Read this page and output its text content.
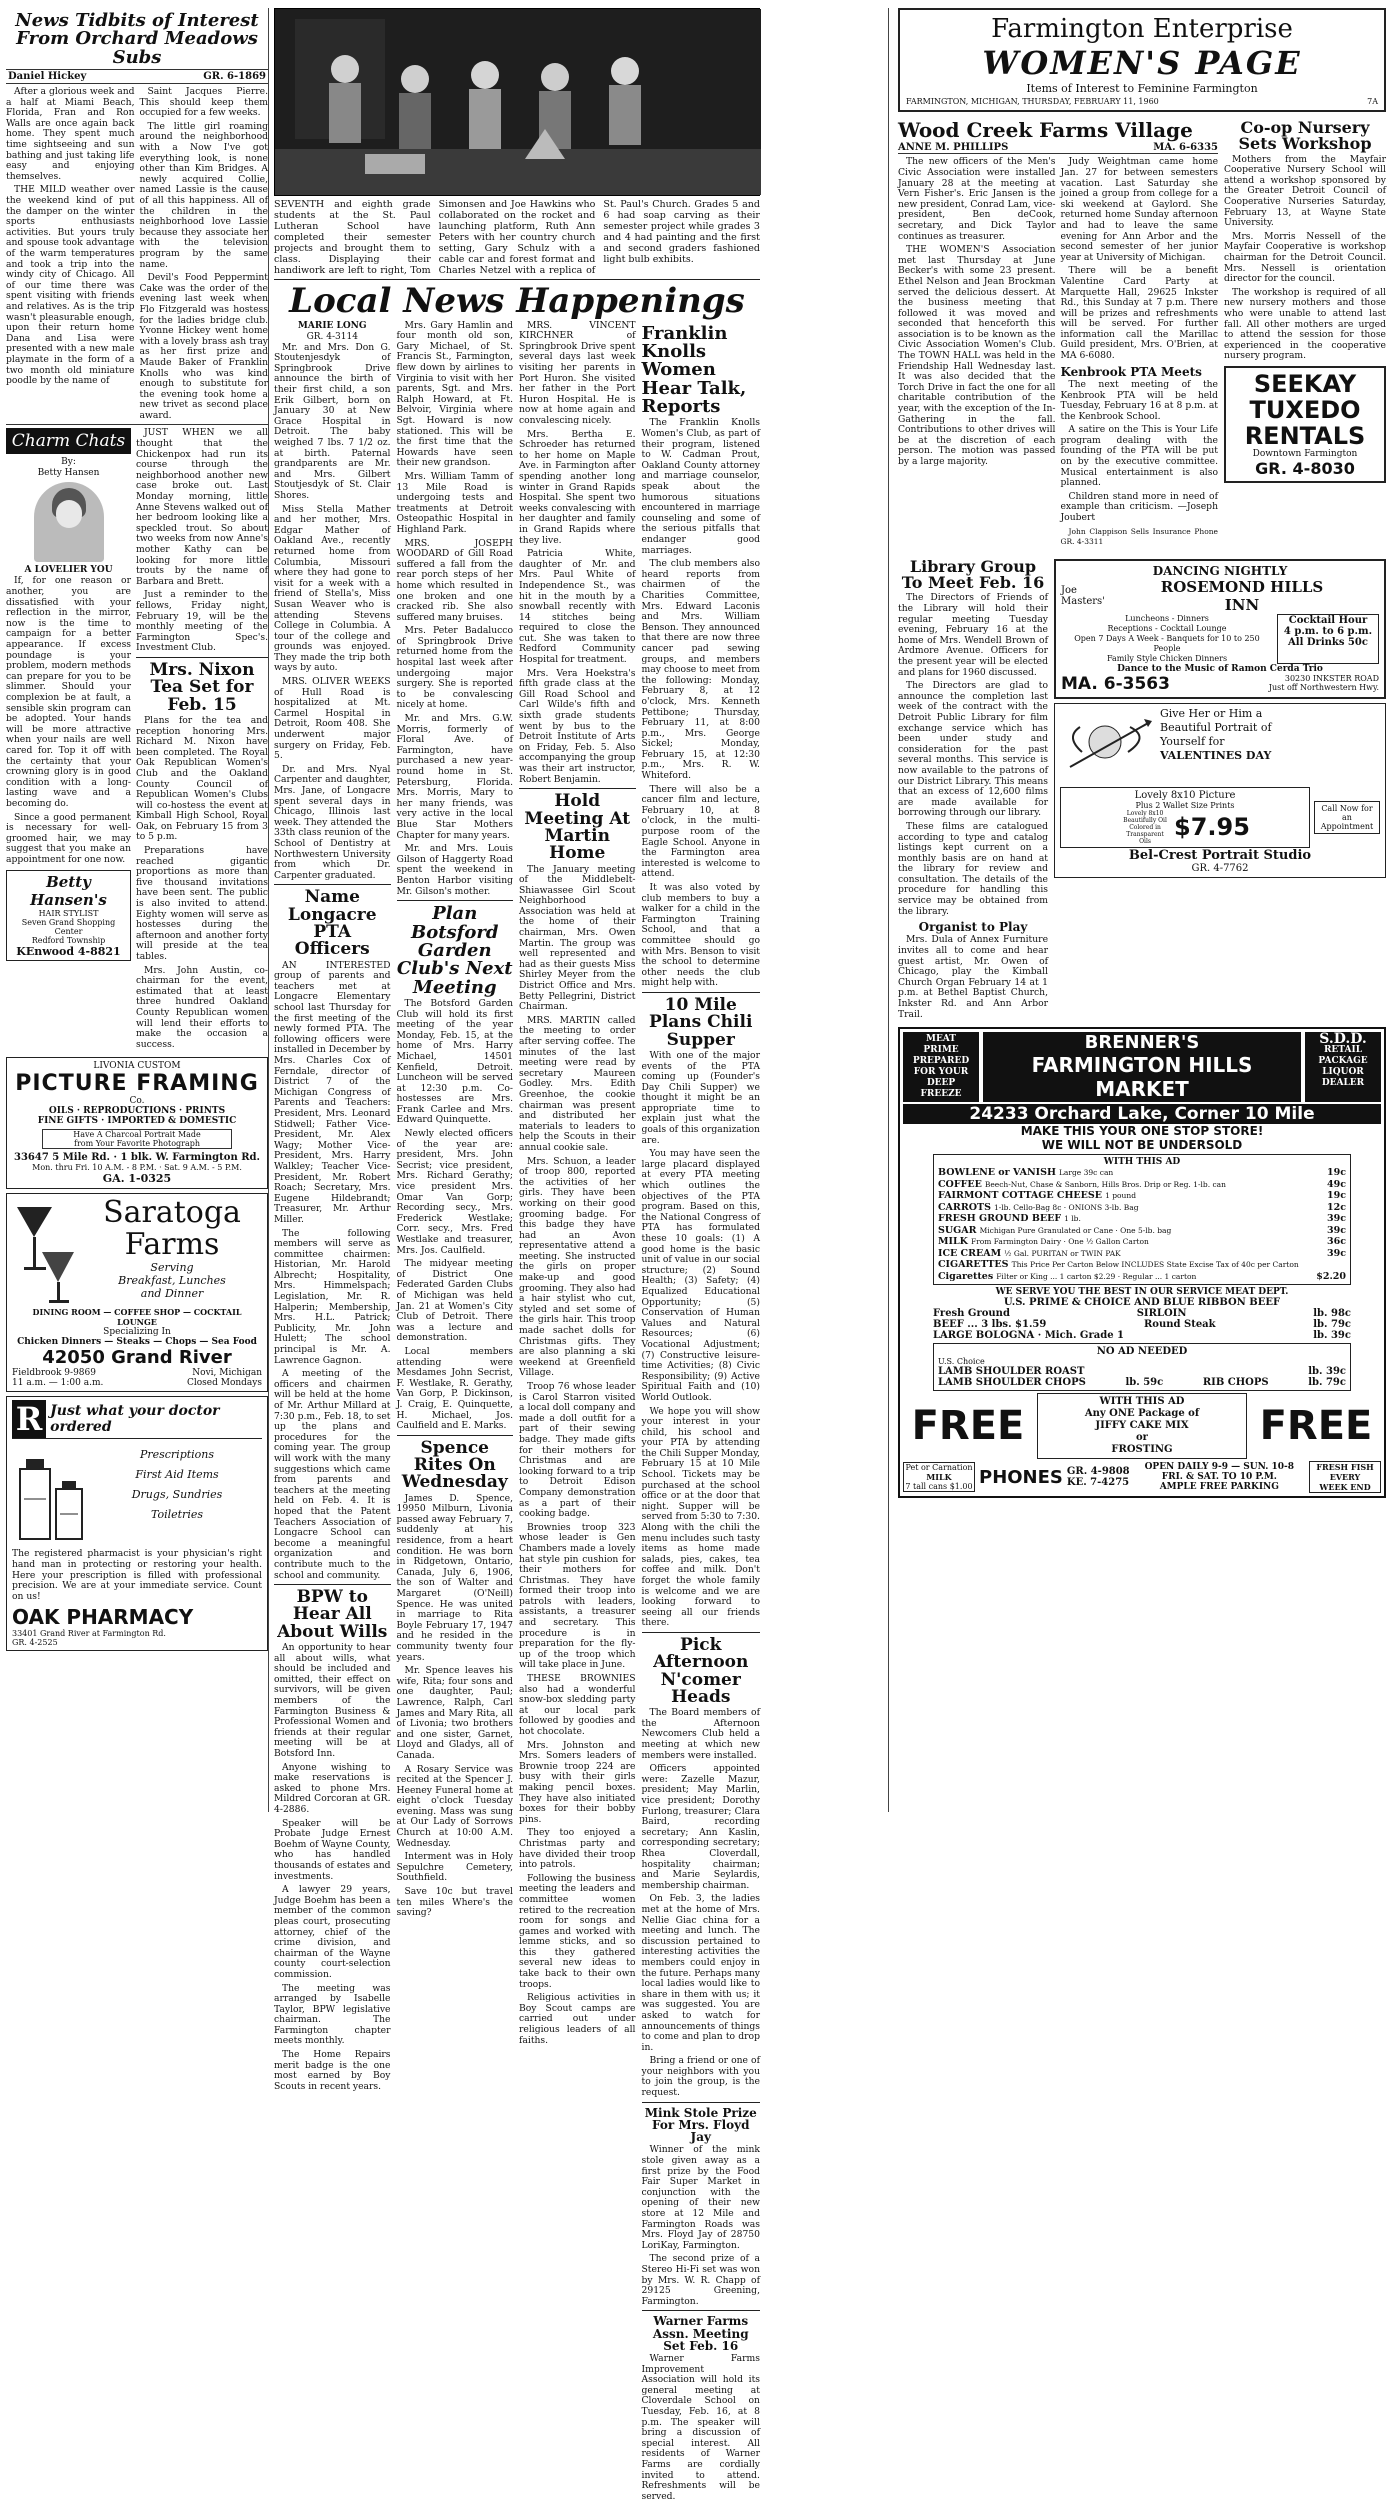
News Tidbits of Interest
From Orchard Meadows Subs
Daniel Hickey	GR. 6-1869

After a glorious week and a half at Miami Beach, Florida, Fran and Ron Walls are once again back home. They spent much time sightseeing and sun bathing and just taking life easy and enjoying themselves.

THE MILD weather over the weekend kind of put the damper on the winter sports enthusiasts activities. But yours truly and spouse took advantage of the warm temperatures and took a trip into the windy city of Chicago. All of our time there was spent visiting with friends and relatives. As is the trip wasn't pleasurable enough, upon their return home Dana and Lisa were presented with a new male playmate in the form of a two month old miniature poodle by the name of

Saint Jacques Pierre. This should keep them occupied for a few weeks.

The little girl roaming around the neighborhood with a Now I've got everything look, is none other than Kim Bridges. A newly acquired Collie, named Lassie is the cause of all this happiness. All of the children in the neighborhood love Lassie because they associate her with the television program by the same name.

Devil's Food Peppermint Cake was the order of the evening last week when Flo Fitzgerald was hostess for the ladies bridge club. Yvonne Hickey went home with a lovely brass ash tray as her first prize and Maude Baker of Franklin Knolls who was kind enough to substitute for the evening took home a new trivet as second place award.

Charm Chats
By:
Betty Hansen
A LOVELIER YOU

If, for one reason or another, you are dissatisfied with your reflection in the mirror, now is the time to campaign for a better appearance. If excess poundage is your problem, modern methods can prepare for you to be slimmer. Should your complexion be at fault, a sensible skin program can be adopted. Your hands will be more attractive when your nails are well cared for. Top it off with the certainty that your crowning glory is in good condition with a long-lasting wave and a becoming do.

Since a good permanent is necessary for well-groomed hair, we may suggest that you make an appointment for one now.

Betty Hansen's
HAIR STYLIST
Seven Grand Shopping Center
Redford Township
KEnwood 4-8821

JUST WHEN we all thought that the Chickenpox had run its course through the neighborhood another new case broke out. Last Monday morning, little Anne Stevens walked out of her bedroom looking like a speckled trout. So about two weeks from now Anne's mother Kathy can be looking for more little trouts by the name of Barbara and Brett.

Just a reminder to the fellows, Friday night, February 19, will be the monthly meeting of the Farmington Spec's. Investment Club.

Mrs. Nixon Tea Set for Feb. 15

Plans for the tea and reception honoring Mrs. Richard M. Nixon have been completed. The Royal Oak Republican Women's Club and the Oakland County Council of Republican Women's Clubs will co-hostess the event at Kimball High School, Royal Oak, on February 15 from 3 to 5 p.m.

Preparations have reached gigantic proportions as more than five thousand invitations have been sent. The public is also invited to attend. Eighty women will serve as hostesses during the afternoon and another forty will preside at the tea tables.

Mrs. John Austin, co-chairman for the event, estimated that at least three hundred Oakland County Republican women will lend their efforts to make the occasion a success.

LIVONIA CUSTOM
PICTURE FRAMING
Co.
OILS · REPRODUCTIONS · PRINTS
FINE GIFTS · IMPORTED & DOMESTIC
Have A Charcoal Portrait Made
from Your Favorite Photograph
33647 5 Mile Rd. · 1 blk. W. Farmington Rd.
Mon. thru Fri. 10 A.M. - 8 P.M. · Sat. 9 A.M. - 5 P.M.
GA. 1-0325
Saratoga
Farms
Serving
Breakfast, Lunches
and Dinner
DINING ROOM — COFFEE SHOP — COCKTAIL LOUNGE
Specializing In
Chicken Dinners — Steaks — Chops — Sea Food
42050 Grand River
Fieldbrook 9-9869	Novi, Michigan
11 a.m. — 1:00 a.m.	Closed Mondays
R Just what your doctor ordered
Prescriptions
First Aid Items
Drugs, Sundries
Toiletries

The registered pharmacist is your physician's right hand man in protecting or restoring your health. Here your prescription is filled with professional precision. We are at your immediate service. Count on us!

OAK PHARMACY
33401 Grand River at Farmington Rd.
GR. 4-2525

SEVENTH and eighth grade students at the St. Paul Lutheran School have completed their semester projects and brought them to class. Displaying their handiwork are left to right, Tom Simonsen and Joe Hawkins who collaborated on the rocket and launching platform, Ruth Ann Peters with her country church setting, Gary Schulz with a cable car and forest format and Charles Netzel with a replica of St. Paul's Church. Grades 5 and 6 had soap carving as their semester project while grades 3 and 4 had painting and the first and second graders fashioned light bulb exhibits.

Local News Happenings
MARIE LONG
GR. 4-3114

Mr. and Mrs. Don G. Stoutenjesdyk of Springbrook Drive announce the birth of their first child, a son Erik Gilbert, born on January 30 at New Grace Hospital in Detroit. The baby weighed 7 lbs. 7 1/2 oz. at birth. Paternal grandparents are Mr. and Mrs. Gilbert Stoutjesdyk of St. Clair Shores.

Miss Stella Mather and her mother, Mrs. Edgar Mather of Oakland Ave., recently returned home from Columbia, Missouri where they had gone to visit for a week with a friend of Stella's, Miss Susan Weaver who is attending Stevens College in Columbia. A tour of the college and grounds was enjoyed. They made the trip both ways by auto.

MRS. OLIVER WEEKS of Hull Road is hospitalized at Mt. Carmel Hospital in Detroit, Room 408. She underwent major surgery on Friday, Feb. 5.

Dr. and Mrs. Nyal Carpenter and daughter, Mrs. Jane, of Longacre spent several days in Chicago, Illinois last week. They attended the 33th class reunion of the School of Dentistry at Northwestern University from which Dr. Carpenter graduated.

Name Longacre PTA Officers

AN INTERESTED group of parents and teachers met at Longacre Elementary school last Thursday for the first meeting of the newly formed PTA. The following officers were installed in December by Mrs. Charles Cox of Ferndale, director of District 7 of the Michigan Congress of Parents and Teachers: President, Mrs. Leonard Stidwell; Father Vice-President, Mr. Alex Wagy; Mother Vice-President, Mrs. Harry Walkley; Teacher Vice-President, Mr. Robert Roach; Secretary, Mrs. Eugene Hildebrandt; Treasurer, Mr. Arthur Miller.

The following members will serve as committee chairmen: Historian, Mr. Harold Albrecht; Hospitality, Mrs. Himmelspach; Legislation, Mr. R. Halperin; Membership, Mrs. H.L. Patrick; Publicity, Mr. John Hulett; The school principal is Mr. A. Lawrence Gagnon.

A meeting of the officers and chairmen will be held at the home of Mr. Arthur Millard at 7:30 p.m., Feb. 18, to set up the plans and procedures for the coming year. The group will work with the many suggestions which came from parents and teachers at the meeting held on Feb. 4. It is hoped that the Patent Teachers Association of Longacre School can become a meaningful organization and contribute much to the school and community.

BPW to Hear All About Wills

An opportunity to hear all about wills, what should be included and omitted, their effect on survivors, will be given members of the Farmington Business & Professional Women and friends at their regular meeting will be at Botsford Inn.

Anyone wishing to make reservations is asked to phone Mrs. Mildred Corcoran at GR. 4-2886.

Speaker will be Probate Judge Ernest Boehm of Wayne County, who has handled thousands of estates and investments.

A lawyer 29 years, Judge Boehm has been a member of the common pleas court, prosecuting attorney, chief of the crime division, and chairman of the Wayne county court-selection commission.

The meeting was arranged by Isabelle Taylor, BPW legislative chairman. The Farmington chapter meets monthly.

The Home Repairs merit badge is the one most earned by Boy Scouts in recent years.

Mrs. Gary Hamlin and four month old son, Gary Michael, of St. Francis St., Farmington, flew down by airlines to Virginia to visit with her parents, Sgt. and Mrs. Ralph Howard, at Ft. Belvoir, Virginia where Sgt. Howard is now stationed. This will be the first time that the Howards have seen their new grandson.

Mrs. William Tamm of 13 Mile Road is undergoing tests and treatments at Detroit Osteopathic Hospital in Highland Park.

MRS. JOSEPH WOODARD of Gill Road suffered a fall from the rear porch steps of her home which resulted in one broken and one cracked rib. She also suffered many bruises.

Mrs. Peter Badalucco of Springbrook Drive returned home from the hospital last week after undergoing major surgery. She is reported to be convalescing nicely at home.

Mr. and Mrs. G.W. Morris, formerly of Floral Ave. of Farmington, have purchased a new year-round home in St. Petersburg, Florida. Mrs. Morris, Mary to her many friends, was very active in the local Blue Star Mothers Chapter for many years.

Mr. and Mrs. Louis Gilson of Haggerty Road spent the weekend in Benton Harbor visiting Mr. Gilson's mother.

Plan Botsford Garden Club's Next Meeting

The Botsford Garden Club will hold its first meeting of the year Monday, Feb. 15, at the home of Mrs. Harry Michael, 14501 Kenfield, Detroit. Luncheon will be served at 12:30 p.m. Co-hostesses are Mrs. Frank Carlee and Mrs. Edward Quinquette.

Newly elected officers of the year are: president, Mrs. John Secrist; vice president, Mrs. Richard Gerathy; vice president Mrs. Omar Van Gorp; Recording secy., Mrs. Frederick Westlake; Corr. secy., Mrs. Fred Westlake and treasurer, Mrs. Jos. Caulfield.

The midyear meeting of District One Federated Garden Clubs of Michigan was held Jan. 21 at Women's City Club of Detroit. There was a lecture and demonstration.

Local members attending were Mesdames John Secrist, F. Westlake, R. Gerathy, Van Gorp, P. Dickinson, J. Craig, E. Quinquette, H. Michael, Jos. Caulfield and E. Marks.

Spence Rites On Wednesday

James D. Spence, 19950 Milburn, Livonia passed away February 7, suddenly at his residence, from a heart condition. He was born in Ridgetown, Ontario, Canada, July 6, 1906, the son of Walter and Margaret (O'Neill) Spence. He was united in marriage to Rita Boyle February 17, 1947 and he resided in the community twenty four years.

Mr. Spence leaves his wife, Rita; four sons and one daughter, Paul; Lawrence, Ralph, Carl James and Mary Rita, all of Livonia; two brothers and one sister, Garnet, Lloyd and Gladys, all of Canada.

A Rosary Service was recited at the Spencer J. Heeney Funeral home at eight o'clock Tuesday evening. Mass was sung at Our Lady of Sorrows Church at 10:00 A.M. Wednesday.

Interment was in Holy Sepulchre Cemetery, Southfield.

Save 10c but travel ten miles Where's the saving?

MRS. VINCENT KIRCHNER of Springbrook Drive spent several days last week visiting her parents in Port Huron. She visited her father in the Port Huron Hospital. He is now at home again and convalescing nicely.

Mrs. Bertha E. Schroeder has returned to her home on Maple Ave. in Farmington after spending another long winter in Grand Rapids Hospital. She spent two weeks convalescing with her daughter and family in Grand Rapids where they live.

Patricia White, daughter of Mr. and Mrs. Paul White of Independence St., was hit in the mouth by a snowball recently with 14 stitches being required to close the cut. She was taken to Redford Community Hospital for treatment.

Mrs. Vera Hoekstra's fifth grade class at the Gill Road School and Carl Wilde's fifth and sixth grade students went by bus to the Detroit Institute of Arts on Friday, Feb. 5. Also accompanying the group was their art instructor, Robert Benjamin.

Hold Meeting At Martin Home

The January meeting of the Middlebelt-Shiawassee Girl Scout Neighborhood Association was held at the home of their chairman, Mrs. Owen Martin. The group was well represented and had as their guests Miss Shirley Meyer from the District Office and Mrs. Betty Pellegrini, District Chairman.

MRS. MARTIN called the meeting to order after serving coffee. The minutes of the last meeting were read by secretary Maureen Godley. Mrs. Edith Greenhoe, the cookie chairman was present and distributed her materials to leaders to help the Scouts in their annual cookie sale.

Mrs. Schuon, a leader of troop 800, reported the activities of her girls. They have been working on their good grooming badge. For this badge they have had an Avon representative attend a meeting. She instructed the girls on proper make-up and good grooming. They also had a hair stylist who cut, styled and set some of the girls hair. This troop made sachet dolls for Christmas gifts. They are also planning a ski weekend at Greenfield Village.

Troop 76 whose leader is Carol Starron visited a local doll company and made a doll outfit for a part of their sewing badge. They made gifts for their mothers for Christmas and are looking forward to a trip to Detroit Edison Company demonstration as a part of their cooking badge.

Brownies troop 323 whose leader is Gen Chambers made a lovely hat style pin cushion for their mothers for Christmas. They have formed their troop into patrols with leaders, assistants, a treasurer and secretary. This procedure is in preparation for the fly-up of the troop which will take place in June.

THESE BROWNIES also had a wonderful snow-box sledding party at our local park followed by goodies and hot chocolate.

Mrs. Johnston and Mrs. Somers leaders of Brownie troop 224 are busy with their girls making pencil boxes. They have also initiated boxes for their bobby pins.

They too enjoyed a Christmas party and have divided their troop into patrols.

Following the business meeting the leaders and committee women retired to the recreation room for songs and games and worked with lemme sticks, and so this they gathered several new ideas to take back to their own troops.

Religious activities in Boy Scout camps are carried out under religious leaders of all faiths.

Franklin Knolls Women Hear Talk, Reports

The Franklin Knolls Women's Club, as part of their program, listened to W. Cadman Prout, Oakland County attorney and marriage counselor, speak about the humorous situations encountered in marriage counseling and some of the serious pitfalls that endanger good marriages.

The club members also heard reports from chairmen of the Charities Committee, Mrs. Edward Laconis and Mrs. William Benson. They announced that there are now three cancer pad sewing groups, and members may choose to meet from the following: Monday, February 8, at 12 o'clock, Mrs. Kenneth Pettibone; Thursday, February 11, at 8:00 p.m., Mrs. George Sickel; Monday, February 15, at 12:30 p.m., Mrs. R. W. Whiteford.

There will also be a cancer film and lecture, February 10, at 8 o'clock, in the multi-purpose room of the Eagle School. Anyone in the Farmington area interested is welcome to attend.

It was also voted by club members to buy a walker for a child in the Farmington Training School, and that a committee should go with Mrs. Benson to visit the school to determine other needs the club might help with.

10 Mile Plans Chili Supper

With one of the major events of the PTA coming up (Founder's Day Chili Supper) we thought it might be an appropriate time to explain just what the goals of this organization are.

You may have seen the large placard displayed at every PTA meeting which outlines the objectives of the PTA program. Based on this, the National Congress of PTA has formulated these 10 goals: (1) A good home is the basic unit of value in our social structure; (2) Sound Health; (3) Safety; (4) Equalized Educational Opportunity; (5) Conservation of Human Values and Natural Resources; (6) Vocational Adjustment; (7) Constructive leisure-time Activities; (8) Civic Responsibility; (9) Active Spiritual Faith and (10) World Outlook.

We hope you will show your interest in your child, his school and your PTA by attending the Chili Supper Monday, February 15 at 10 Mile School. Tickets may be purchased at the school office or at the door that night. Supper will be served from 5:30 to 7:30. Along with the chili the menu includes such tasty items as home made salads, pies, cakes, tea coffee and milk. Don't forget the whole family is welcome and we are looking forward to seeing all our friends there.

Pick Afternoon N'comer Heads

The Board members of the Afternoon Newcomers Club held a meeting at which new members were installed.

Officers appointed were: Zazelle Mazur, president; May Marlin, vice president; Dorothy Furlong, treasurer; Clara Baird, recording secretary; Ann Kaslin, corresponding secretary; Rhea Cloverdall, hospitality chairman; and Marie Seylardis, membership chairman.

On Feb. 3, the ladies met at the home of Mrs. Nellie Giac china for a meeting and lunch. The discussion pertained to interesting activities the members could enjoy in the future. Perhaps many local ladies would like to share in them with us; it was suggested. You are asked to watch for announcements of things to come and plan to drop in.

Bring a friend or one of your neighbors with you to join the group, is the request.

Mink Stole Prize For Mrs. Floyd Jay

Winner of the mink stole given away as a first prize by the Food Fair Super Market in conjunction with the opening of their new store at 12 Mile and Farmington Roads was Mrs. Floyd Jay of 28750 LoriKay, Farmington.

The second prize of a Stereo Hi-Fi set was won by Mrs. W. R. Chapp of 29125 Greening, Farmington.

Warner Farms Assn. Meeting Set Feb. 16

Warner Farms Improvement Association will hold its general meeting at Cloverdale School on Tuesday, Feb. 16, at 8 p.m. The speaker will bring a discussion of special interest. All residents of Warner Farms are cordially invited to attend. Refreshments will be served.

Farmington Enterprise
WOMEN'S PAGE
Items of Interest to Feminine Farmington
FARMINGTON, MICHIGAN, THURSDAY, FEBRUARY 11, 1960	7A
Wood Creek Farms Village
ANNE M. PHILLIPS	MA. 6-6335

The new officers of the Men's Civic Association were installed January 28 at the meeting at Vern Fisher's. Eric Jansen is the new president, Conrad Lam, vice-president, Ben deCook, secretary, and Dick Taylor continues as treasurer.

THE WOMEN'S Association met last Thursday at June Becker's with some 23 present. Ethel Nelson and Jean Brockman served the delicious dessert. At the business meeting that followed it was moved and seconded that henceforth this association is to be known as the Civic Association Women's Club. The TOWN HALL was held in the Friendship Hall Wednesday last. It was also decided that the Torch Drive in fact the one for all charitable contribution of the year, with the exception of the In-Gathering in the fall. Contributions to other drives will be at the discretion of each person. The motion was passed by a large majority.

Judy Weightman came home Jan. 27 for between semesters vacation. Last Saturday she joined a group from college for a ski weekend at Gaylord. She returned home Sunday afternoon and had to leave the same evening for Ann Arbor and the second semester of her junior year at University of Michigan.

There will be a benefit Valentine Card Party at Marquette Hall, 29625 Inkster Rd., this Sunday at 7 p.m. There will be prizes and refreshments will be served. For further information call the Marillac Guild president, Mrs. O'Brien, at MA 6-6080.

Kenbrook PTA Meets

The next meeting of the Kenbrook PTA will be held Tuesday, February 16 at 8 p.m. at the Kenbrook School.

A satire on the This is Your Life program dealing with the founding of the PTA will be put on by the executive committee. Musical entertainment is also planned.

Children stand more in need of example than criticism. —Joseph Joubert

John Clappison Sells Insurance Phone GR. 4-3311

Co-op Nursery Sets Workshop

Mothers from the Mayfair Cooperative Nursery School will attend a workshop sponsored by the Greater Detroit Council of Cooperative Nurseries Saturday, February 13, at Wayne State University.

Mrs. Morris Nessell of the Mayfair Cooperative is workshop chairman for the Detroit Council. Mrs. Nessell is orientation director for the council.

The workshop is required of all new nursery mothers and those who were unable to attend last fall. All other mothers are urged to attend the session for those experienced in the cooperative nursery program.

SEEKAY
TUXEDO
RENTALS
Downtown Farmington
GR. 4-8030
Library Group To Meet Feb. 16

The Directors of Friends of the Library will hold their regular meeting Tuesday evening, February 16 at the home of Mrs. Wendell Brown of Ardmore Avenue. Officers for the present year will be elected and plans for 1960 discussed.

The Directors are glad to announce the completion last week of the contract with the Detroit Public Library for film exchange service which has been under study and consideration for the past several months. This service is now available to the patrons of our District Library. This means that an excess of 12,600 films are made available for borrowing through our library.

These films are catalogued according to type and catalog listings kept current on a monthly basis are on hand at the library for review and consultation. The details of the procedure for handling this service may be obtained from the library.

Organist to Play

Mrs. Dula of Annex Furniture invites all to come and hear guest artist, Mr. Owen of Chicago, play the Kimball Church Organ February 14 at 1 p.m. at Bethel Baptist Church, Inkster Rd. and Ann Arbor Trail.

DANCING NIGHTLY
Joe Masters'
ROSEMOND HILLS
INN
Luncheons - Dinners
Receptions - Cocktail Lounge
Open 7 Days A Week - Banquets for 10 to 250 People
Family Style Chicken Dinners
Cocktail Hour
4 p.m. to 6 p.m.
All Drinks 50c
Dance to the Music of Ramon Cerda Trio
MA. 6-3563	30230 INKSTER ROAD
Just off Northwestern Hwy.
Give Her or Him a
Beautiful Portrait of
Yourself for
VALENTINES DAY
Lovely 8x10 Picture
Plus 2 Wallet Size Prints
Lovely 8x10 Beautifully Oil Colored in Transparent Oils $7.95
Call Now for an Appointment
Bel-Crest Portrait Studio
GR. 4-7762
MEAT
PRIME
PREPARED
FOR YOUR
DEEP
FREEZE
BRENNER'S
FARMINGTON HILLS
MARKET
S.D.D.
RETAIL
PACKAGE
LIQUOR
DEALER
24233 Orchard Lake, Corner 10 Mile
MAKE THIS YOUR ONE STOP STORE!
WE WILL NOT BE UNDERSOLD
WITH THIS AD
BOWLENE or VANISH Large 39c can	19c
COFFEE Beech-Nut, Chase & Sanborn, Hills Bros. Drip or Reg. 1-lb. can	49c
FAIRMONT COTTAGE CHEESE 1 pound	19c
CARROTS 1-lb. Cello-Bag 8c · ONIONS 3-lb. Bag	12c
FRESH GROUND BEEF 1 lb.	39c
SUGAR Michigan Pure Granulated or Cane · One 5-lb. bag	39c
MILK From Farmington Dairy · One ½ Gallon Carton	36c
ICE CREAM ½ Gal. PURITAN or TWIN PAK	39c
CIGARETTES This Price Per Carton Below INCLUDES State Excise Tax of 40c per Carton
Cigarettes Filter or King ... 1 carton $2.29 · Regular ... 1 carton	$2.20
WE SERVE YOU THE BEST IN OUR SERVICE MEAT DEPT.
U.S. PRIME & CHOICE AND BLUE RIBBON BEEF
Fresh Ground	SIRLOIN	lb. 98c
BEEF ... 3 lbs. $1.59	Round Steak	lb. 79c
LARGE BOLOGNA · Mich. Grade 1	lb. 39c
NO AD NEEDED
U.S. Choice
LAMB SHOULDER ROAST	lb. 39c
LAMB SHOULDER CHOPS	lb. 59c	RIB CHOPS	lb. 79c
FREE
WITH THIS AD
Any ONE Package of
JIFFY CAKE MIX
or
FROSTING
FREE
Pet or Carnation
MILK
7 tall cans $1.00 PHONES GR. 4-9808
KE. 7-4275
OPEN DAILY 9-9 — SUN. 10-8
FRI. & SAT. TO 10 P.M.
AMPLE FREE PARKING
FRESH FISH
EVERY
WEEK END
